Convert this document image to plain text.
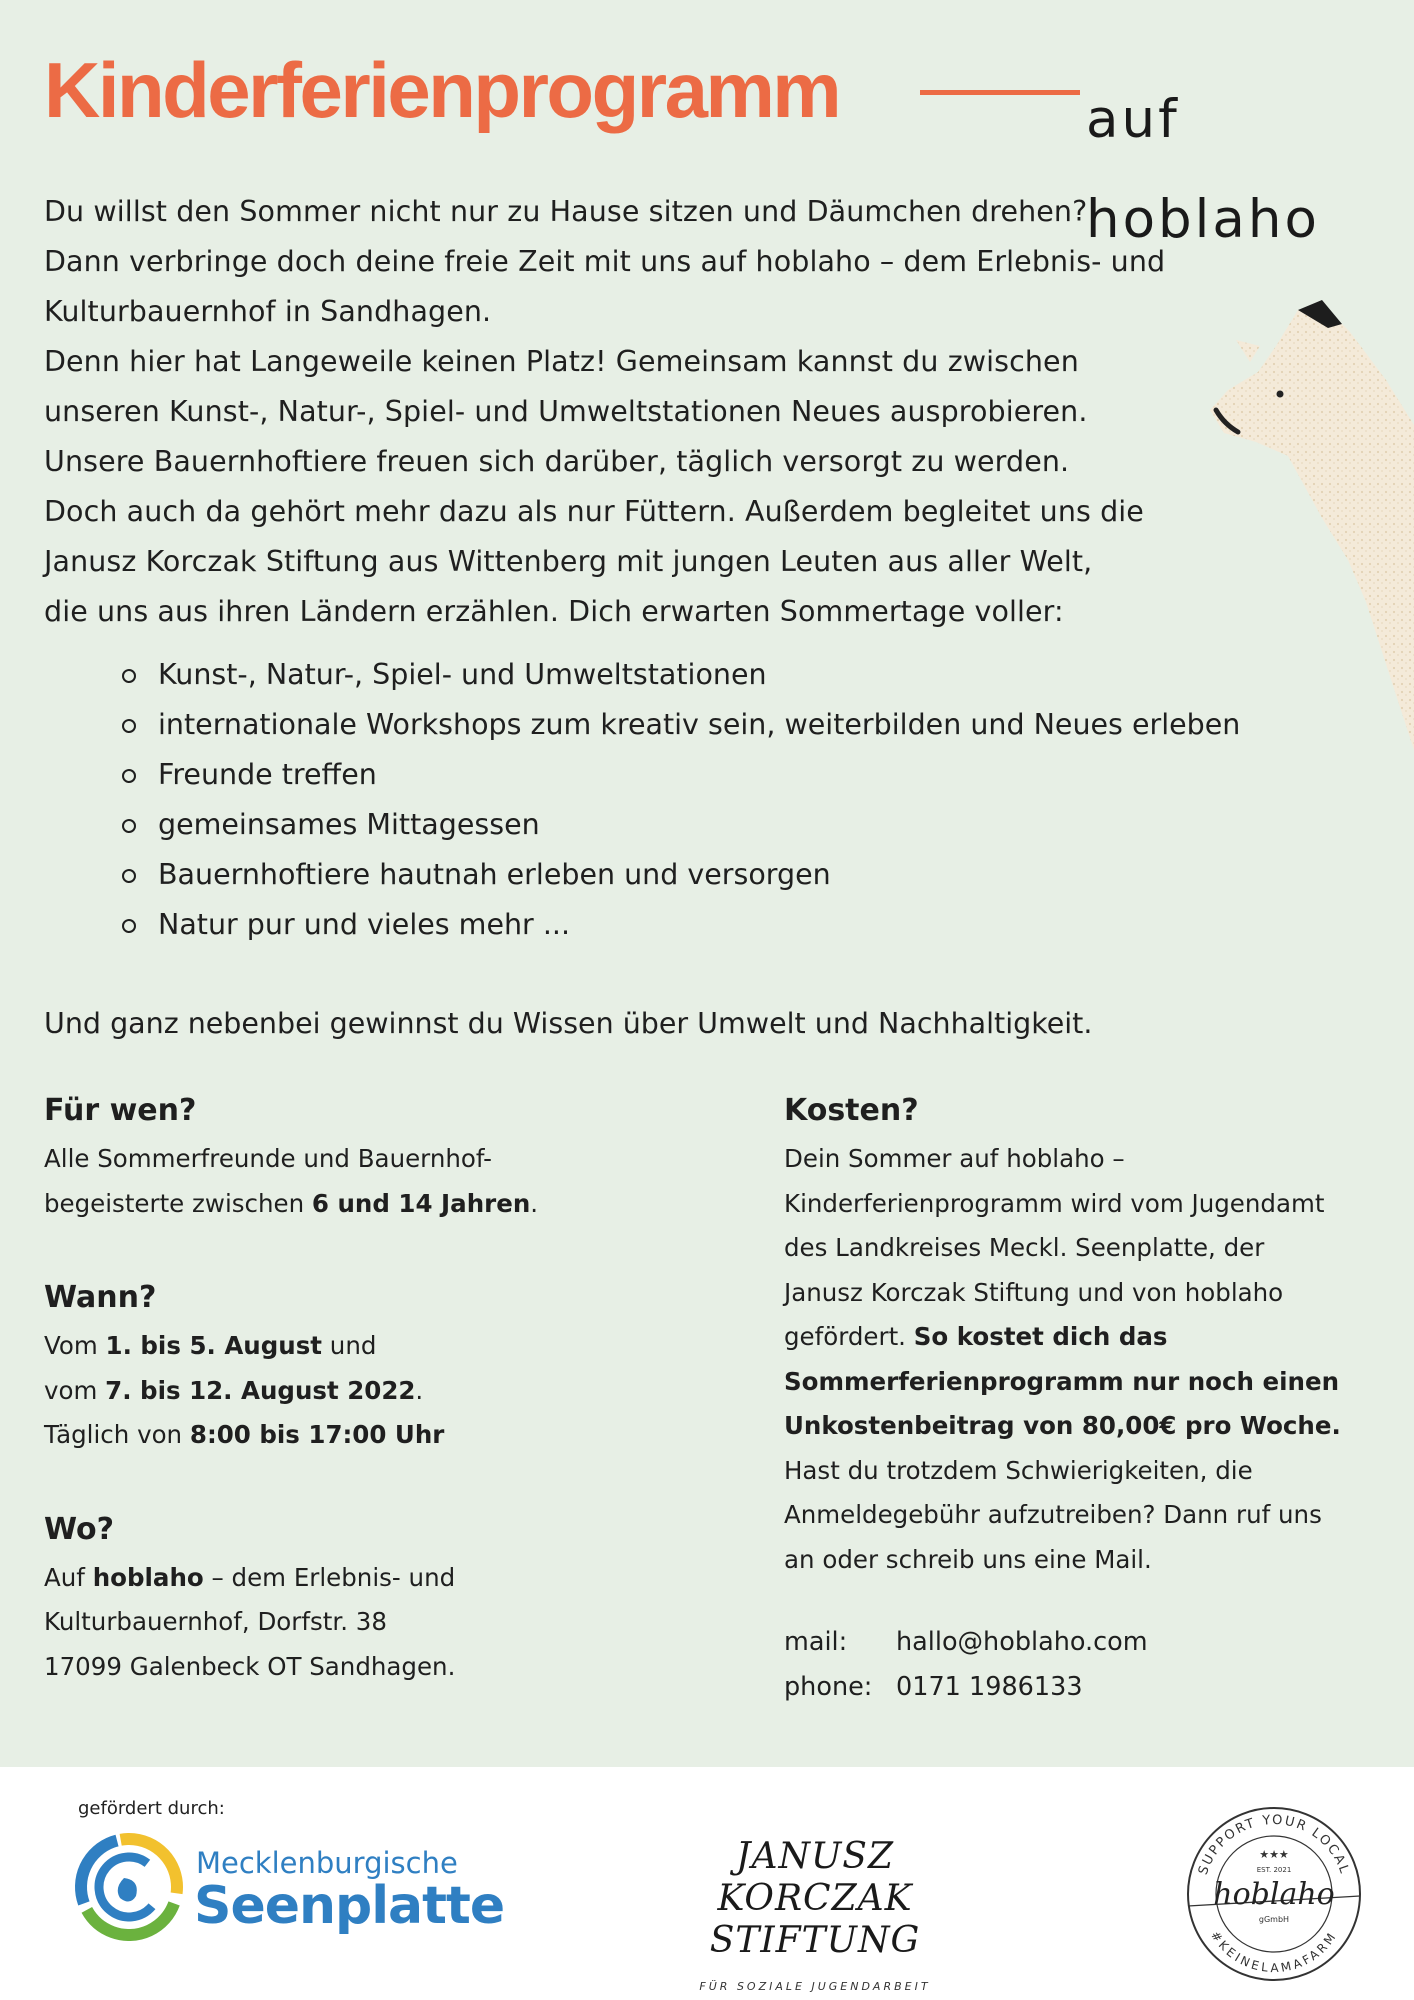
Kinderferienprogramm	auf hoblaho

Du willst den Sommer nicht nur zu Hause sitzen und Däumchen drehen?

Dann verbringe doch deine freie Zeit mit uns auf hoblaho – dem Erlebnis- und

Kulturbauernhof in Sandhagen.

Denn hier hat Langeweile keinen Platz! Gemeinsam kannst du zwischen

unseren Kunst-, Natur-, Spiel- und Umweltstationen Neues ausprobieren.

Unsere Bauernhoftiere freuen sich darüber, täglich versorgt zu werden.

Doch auch da gehört mehr dazu als nur Füttern. Außerdem begleitet uns die

Janusz Korczak Stiftung aus Wittenberg mit jungen Leuten aus aller Welt,

die uns aus ihren Ländern erzählen. Dich erwarten Sommertage voller:

Kunst-, Natur-, Spiel- und Umweltstationen
internationale Workshops zum kreativ sein, weiterbilden und Neues erleben
Freunde treffen
gemeinsames Mittagessen
Bauernhoftiere hautnah erleben und versorgen
Natur pur und vieles mehr ...
Und ganz nebenbei gewinnst du Wissen über Umwelt und Nachhaltigkeit.

Für wen?

Alle Sommerfreunde und Bauernhof-

begeisterte zwischen 6 und 14 Jahren.

Wann?

Vom 1. bis 5. August und

vom 7. bis 12. August 2022.

Täglich von 8:00 bis 17:00 Uhr

Wo?

Auf hoblaho – dem Erlebnis- und

Kulturbauernhof, Dorfstr. 38

17099 Galenbeck OT Sandhagen.

Kosten?

Dein Sommer auf hoblaho –

Kinderferienprogramm wird vom Jugendamt

des Landkreises Meckl. Seenplatte, der

Janusz Korczak Stiftung und von hoblaho

gefördert. So kostet dich das

Sommerferienprogramm nur noch einen

Unkostenbeitrag von 80,00€ pro Woche.

Hast du trotzdem Schwierigkeiten, die

Anmeldegebühr aufzutreiben? Dann ruf uns

an oder schreib uns eine Mail.

mail: hallo@hoblaho.com
phone: 0171 1986133
gefördert durch:
Mecklenburgische
Seenplatte
JANUSZ KORCZAK
STIFTUNG
FÜR SOZIALE JUGENDARBEIT
SUPPORT YOUR LOCAL
#KEINELAMAFARM
★★★
EST. 2021
hoblaho
gGmbH
